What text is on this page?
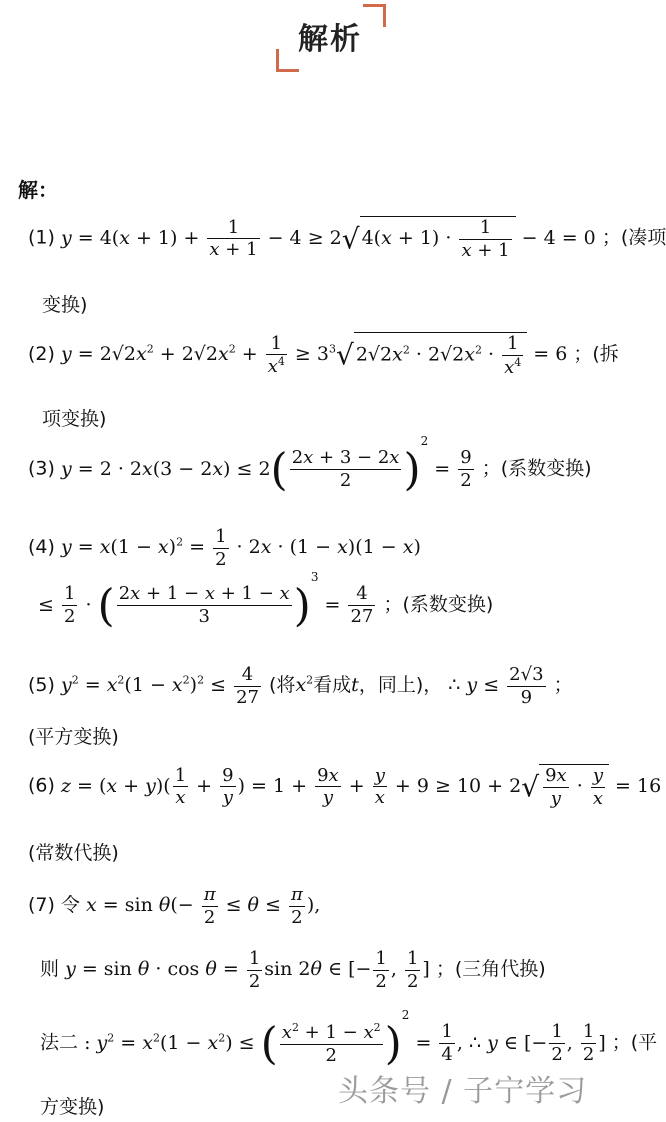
解析
解：
(1) $y = 4(x + 1) + \frac{1}{x + 1} - 4 \ge 2√$ $4(x + 1) \cdot \frac{1}{x + 1} - 4 = 0$ ；(凑项
变换)
(2) $y = 2√2x^2 + 2√2x^2 + \frac{1}{x^4} \ge 3^3√$ $2√2x^2 \cdot 2√2x^2 \cdot \frac{1}{x^4} = 6$ ；(拆
项变换)
(3) $y = 2 \cdot 2x(3 - 2x) \le 2( \frac{2x + 3 - 2x}{2} )^2 = \frac{9}{2}$ ；(系数变换)
(4) $y = x(1 - x)^2 = \frac{1}{2} \cdot 2x \cdot (1 - x)(1 - x)$
≤ $\frac{1}{2}$ · ( $\frac{2x + 1 - x + 1 - x}{3} )^3 = \frac{4}{27}$ ；(系数变换)
(5) $y^2 = x^2(1 - x^2)^2 \le \frac{4}{27}$ (将$x^2$看成t，同上)， ∴ $y \le \frac{2√3}{9}$ ；
(平方变换)
(6) $z = (x + y)( \frac{1}{x} + \frac{9}{y}$ ) = $1 + \frac{9x}{y} + \frac{y}{x} + 9 \ge 10 + 2√ \frac{9x}{y} \cdot \frac{y}{x} = 16$
(常数代换)
(7) 令 $x = \sin \theta(- \frac{\pi}{2} \le \theta \le \frac{\pi}{2}$ ),
则 $y = \sin \theta \cdot \cos \theta = \frac{1}{2}$ sin 2θ ∈ [− $\frac{1}{2}$ , $\frac{1}{2}$ ] ；(三角代换)
法二 : $y^2 = x^2(1 - x^2)$ ≤ ( $\frac{x^2 + 1 - x^2}{2} )^2 = \frac{1}{4}$ , ∴ y ∈ [− $\frac{1}{2}$ , $\frac{1}{2}$ ] ；(平
方变换)	头条号 / 子宁学习
